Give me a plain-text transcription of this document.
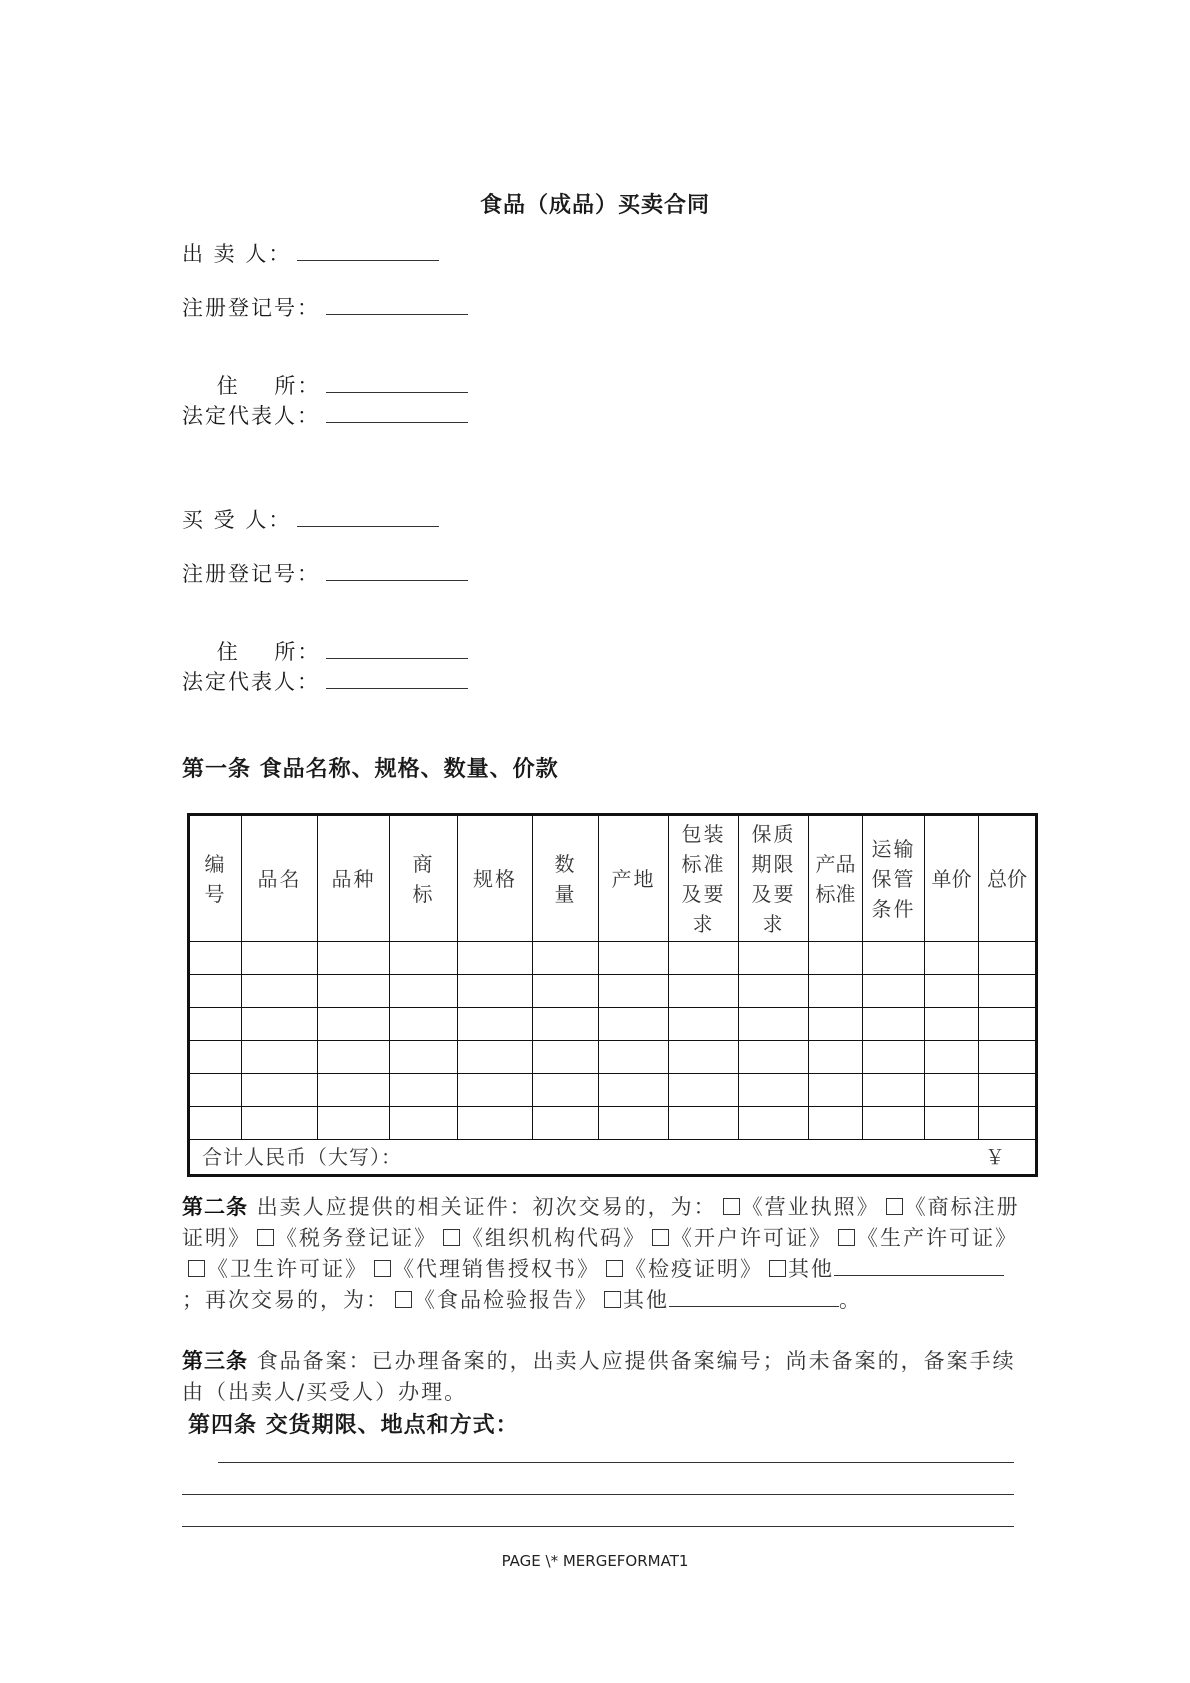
食品（成品）买卖合同
出 卖 人：
注册登记号：

住    所：

法定代表人：
买 受 人：
注册登记号：

住    所：

法定代表人：
第一条 食品名称、规格、数量、价款
编号	品名	品种	商标	规格	数量	产地	包装标准及要求	保质期限及要求	产品标准	运输保管条件	单价	总价

合计人民币（大写）： ￥												
第二条 出卖人应提供的相关证件：初次交易的，为： 《营业执照》 《商标注册证明》 《税务登记证》 《组织机构代码》 《开户许可证》 《生产许可证》《卫生许可证》 《代理销售授权书》 《检疫证明》 其他；再次交易的，为： 《食品检验报告》 其他	。
第三条 食品备案：已办理备案的，出卖人应提供备案编号；尚未备案的，备案手续由（出卖人/买受人）办理。
第四条 交货期限、地点和方式：
PAGE \* MERGEFORMAT1
